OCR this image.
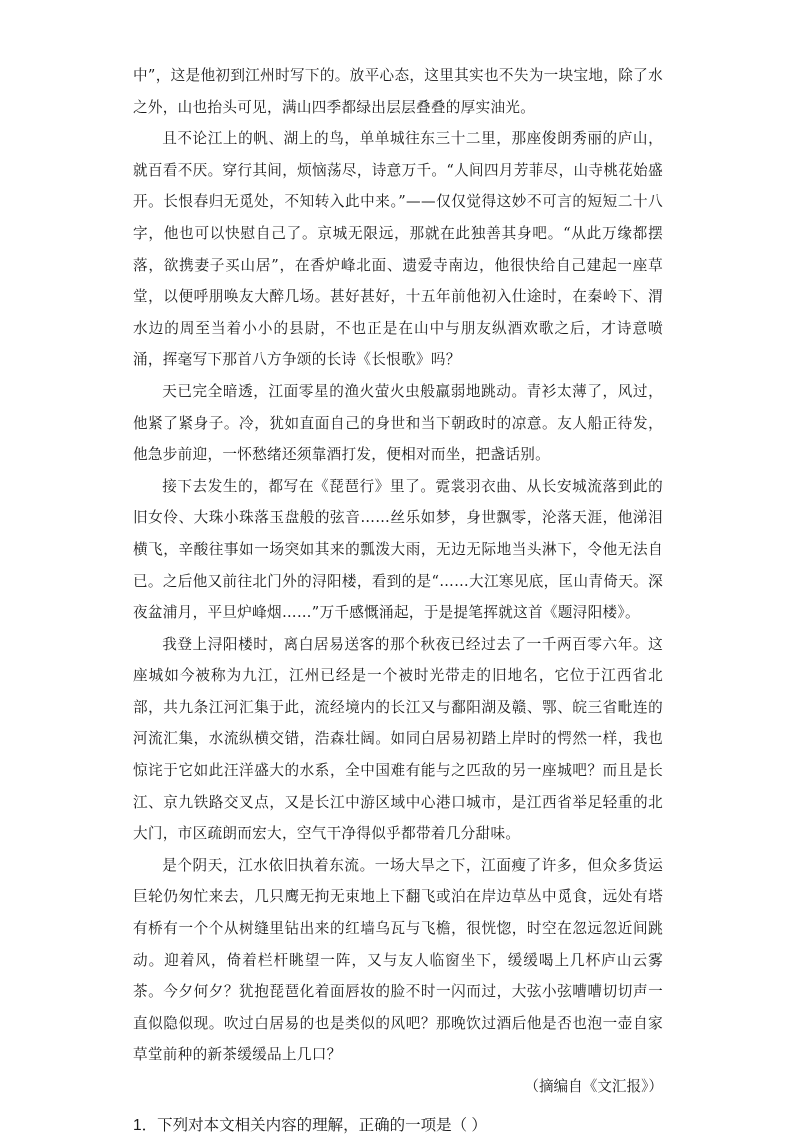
中”，这是他初到江州时写下的。放平心态，这里其实也不失为一块宝地，除了水之外，山也抬头可见，满山四季都绿出层层叠叠的厚实油光。

且不论江上的帆、湖上的鸟，单单城往东三十二里，那座俊朗秀丽的庐山，就百看不厌。穿行其间，烦恼荡尽，诗意万千。“人间四月芳菲尽，山寺桃花始盛开。长恨春归无觅处，不知转入此中来。”——仅仅觉得这妙不可言的短短二十八字，他也可以快慰自己了。京城无限远，那就在此独善其身吧。“从此万缘都摆落，欲携妻子买山居”，在香炉峰北面、遗爱寺南边，他很快给自己建起一座草堂，以便呼朋唤友大醉几场。甚好甚好，十五年前他初入仕途时，在秦岭下、渭水边的周至当着小小的县尉，不也正是在山中与朋友纵酒欢歌之后，才诗意喷涌，挥毫写下那首八方争颂的长诗《长恨歌》吗？

天已完全暗透，江面零星的渔火萤火虫般羸弱地跳动。青衫太薄了，风过，他紧了紧身子。冷，犹如直面自己的身世和当下朝政时的凉意。友人船正待发，他急步前迎，一怀愁绪还须靠酒打发，便相对而坐，把盏话别。

接下去发生的，都写在《琵琶行》里了。霓裳羽衣曲、从长安城流落到此的旧女伶、大珠小珠落玉盘般的弦音……丝乐如梦，身世飘零，沦落天涯，他涕泪横飞，辛酸往事如一场突如其来的瓢泼大雨，无边无际地当头淋下，令他无法自已。之后他又前往北门外的浔阳楼，看到的是“……大江寒见底，匡山青倚天。深夜盆浦月，平旦炉峰烟……”万千感慨涌起，于是提笔挥就这首《题浔阳楼》。

我登上浔阳楼时，离白居易送客的那个秋夜已经过去了一千两百零六年。这座城如今被称为九江，江州已经是一个被时光带走的旧地名，它位于江西省北部，共九条江河汇集于此，流经境内的长江又与鄱阳湖及赣、鄂、皖三省毗连的河流汇集，水流纵横交错，浩森壮阔。如同白居易初踏上岸时的愕然一样，我也惊诧于它如此汪洋盛大的水系，全中国难有能与之匹敌的另一座城吧？而且是长江、京九铁路交叉点，又是长江中游区域中心港口城市，是江西省举足轻重的北大门，市区疏朗而宏大，空气干净得似乎都带着几分甜味。

是个阴天，江水依旧执着东流。一场大旱之下，江面瘦了许多，但众多货运巨轮仍匆忙来去，几只鹰无拘无束地上下翻飞或泊在岸边草丛中觅食，远处有塔有桥有一个个从树缝里钻出来的红墙乌瓦与飞檐，很恍惚，时空在忽远忽近间跳动。迎着风，倚着栏杆眺望一阵，又与友人临窗坐下，缓缓喝上几杯庐山云雾茶。今夕何夕？犹抱琵琶化着面唇妆的脸不时一闪而过，大弦小弦嘈嘈切切声一直似隐似现。吹过白居易的也是类似的风吧？那晚饮过酒后他是否也泡一壶自家草堂前种的新茶缓缓品上几口？

（摘编自《文汇报》）

1．下列对本文相关内容的理解，正确的一项是（ ）
